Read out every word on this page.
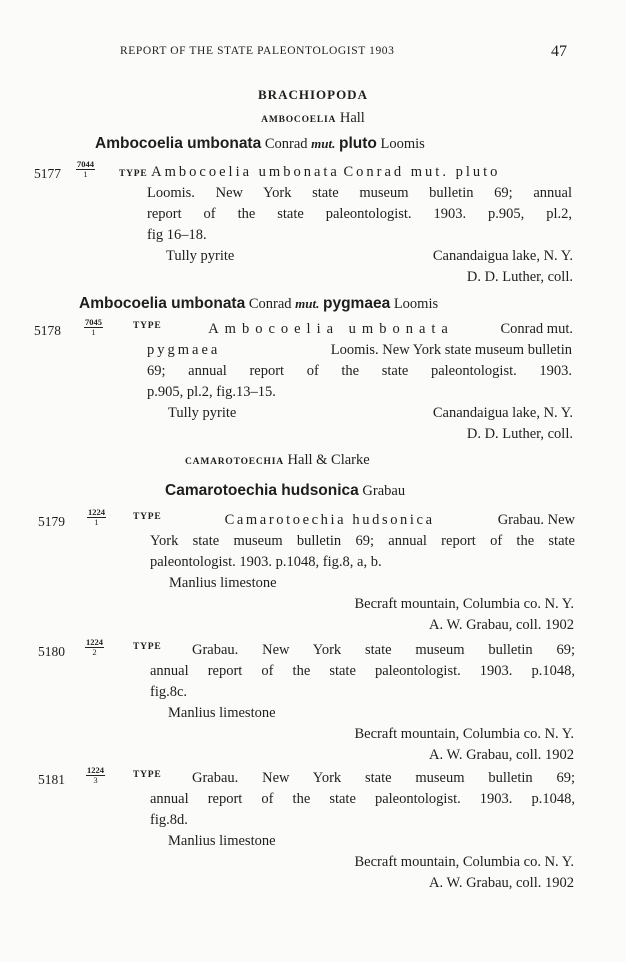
REPORT OF THE STATE PALEONTOLOGIST 1903	47
BRACHIOPODA
AMBOCOELIA Hall
Ambocoelia umbonata Conrad mut. pluto Loomis
$5177 \frac{7044}{1}$	TYPE Ambocoelia umbonata Conrad mut. pluto
Loomis. New York state museum bulletin 69; annual
report of the state paleontologist. 1903. p.905, pl.2,
fig 16–18.
Tully pyrite	Canandaigua lake, N. Y.
D. D. Luther, coll.
Ambocoelia umbonata Conrad mut. pygmaea Loomis
5178	$\frac{7045}{1}$	TYPE	Ambocoelia umbonata	Conrad mut.
pygmaea	Loomis. New York state museum bulletin
69; annual report of the state paleontologist. 1903.
p.905, pl.2, fig.13–15.
Tully pyrite	Canandaigua lake, N. Y.
D. D. Luther, coll.
CAMAROTOECHIA Hall & Clarke
Camarotoechia hudsonica Grabau
5179	$\frac{1224}{1}$	TYPE	Camarotoechia hudsonica	Grabau. New
York state museum bulletin 69; annual report of the state
paleontologist. 1903. p.1048, fig.8, a, b.
Manlius limestone
Becraft mountain, Columbia co. N. Y.
A. W. Grabau, coll. 1902
$5180 \frac{1224}{2}$	TYPE Grabau. New York state museum bulletin 69;
annual report of the state paleontologist. 1903. p.1048,
fig.8c.
Manlius limestone
Becraft mountain, Columbia co. N. Y.
A. W. Grabau, coll. 1902
$5181 \frac{1224}{3}$	TYPE Grabau. New York state museum bulletin 69;
annual report of the state paleontologist. 1903. p.1048,
fig.8d.
Manlius limestone
Becraft mountain, Columbia co. N. Y.
A. W. Grabau, coll. 1902
